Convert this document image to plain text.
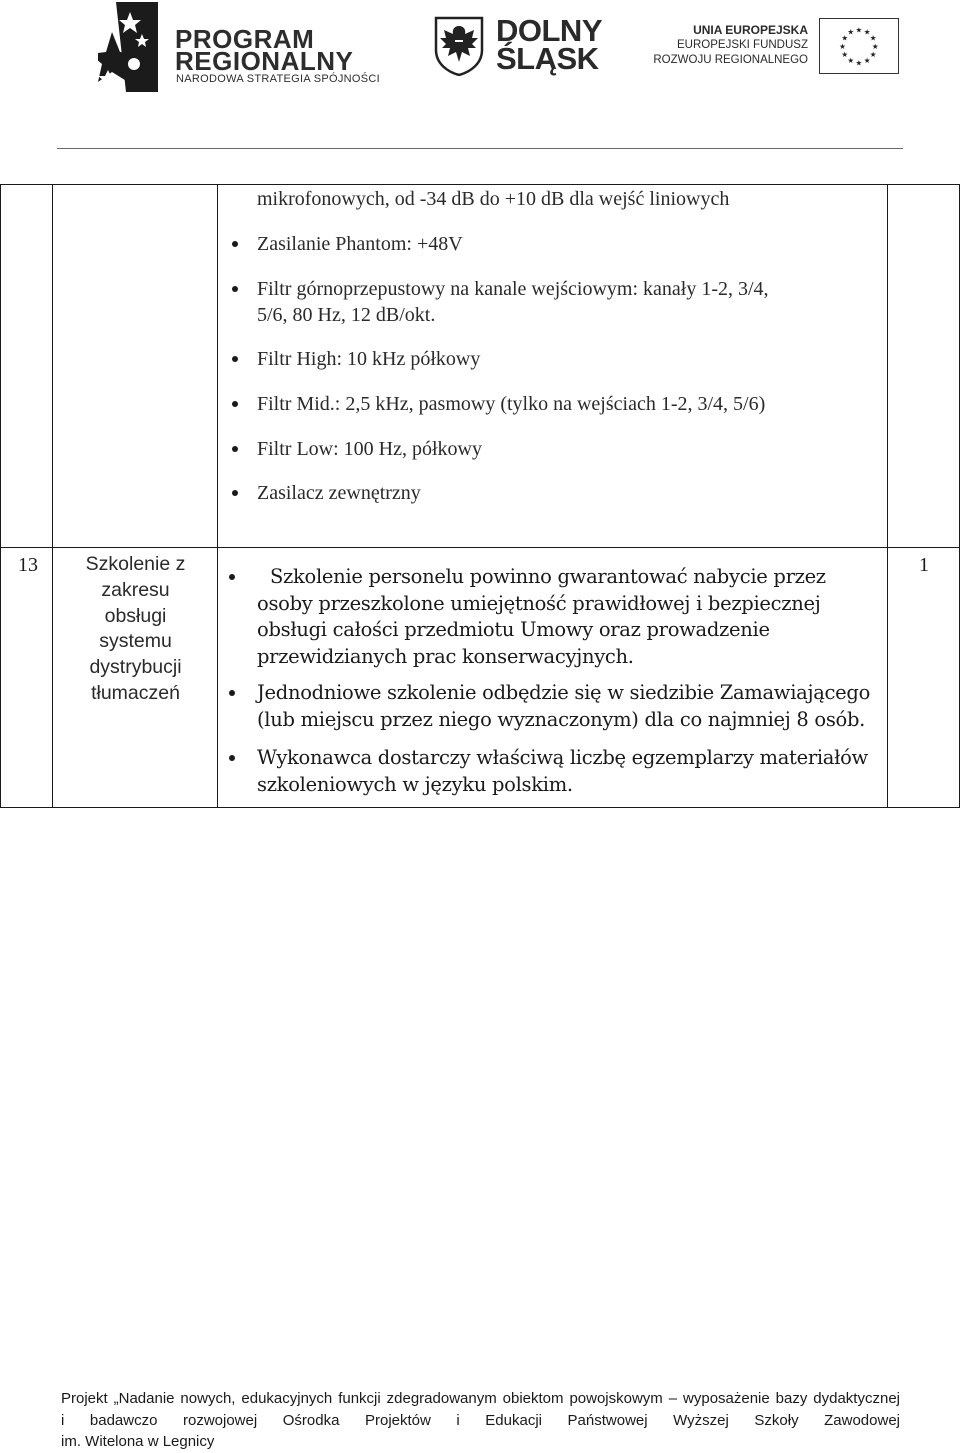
PROGRAM
REGIONALNY
NARODOWA STRATEGIA SPÓJNOŚCI
DOLNY
ŚLĄSK
UNIA EUROPEJSKA
EUROPEJSKI FUNDUSZ
ROZWOJU REGIONALNEGO
★
★
★
★
★
★
★
★
★ ★ ★
★
mikrofonowych, od -34 dB do +10 dB dla wejść liniowych
Zasilanie Phantom: +48V
Filtr górnoprzepustowy na kanale wejściowym: kanały 1-2, 3/4,
5/6, 80 Hz, 12 dB/okt.
Filtr High: 10 kHz półkowy
Filtr Mid.: 2,5 kHz, pasmowy (tylko na wejściach 1-2, 3/4, 5/6)
Filtr Low: 100 Hz, półkowy
Zasilacz zewnętrzny
13	Szkolenie z
zakresu
obsługi
systemu
dystrybucji
tłumaczeń
Szkolenie personelu powinno gwarantować nabycie przez osoby przeszkolone umiejętność prawidłowej i bezpiecznej obsługi całości przedmiotu Umowy oraz prowadzenie przewidzianych prac konserwacyjnych.
Jednodniowe szkolenie odbędzie się w siedzibie Zamawiającego (lub miejscu przez niego wyznaczonym) dla co najmniej 8 osób.
Wykonawca dostarczy właściwą liczbę egzemplarzy materiałów szkoleniowych w języku polskim.
1
Projekt „Nadanie nowych, edukacyjnych funkcji zdegradowanym obiektom powojskowym – wyposażenie bazy dydaktycznej
i badawczo rozwojowej Ośrodka Projektów i Edukacji Państwowej Wyższej Szkoły Zawodowej
im. Witelona w Legnicy
